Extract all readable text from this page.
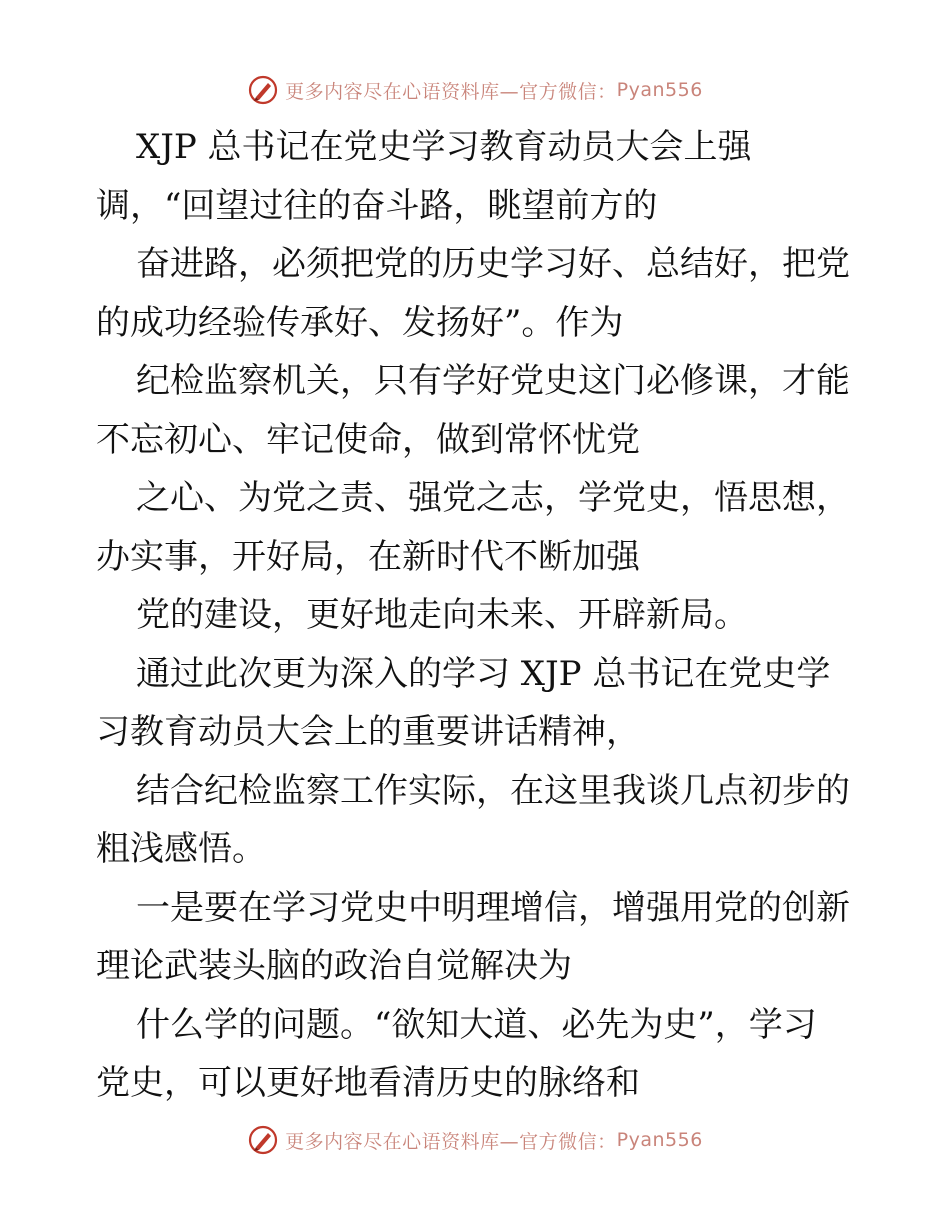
更多内容尽在心语资料库—官方微信： Pyan556
XJP 总书记在党史学习教育动员大会上强
调，“回望过往的奋斗路，眺望前方的
奋进路，必须把党的历史学习好、总结好，把党
的成功经验传承好、发扬好”。作为
纪检监察机关，只有学好党史这门必修课，才能
不忘初心、牢记使命，做到常怀忧党
之心、为党之责、强党之志，学党史，悟思想，
办实事，开好局，在新时代不断加强
党的建设，更好地走向未来、开辟新局。
通过此次更为深入的学习 XJP 总书记在党史学
习教育动员大会上的重要讲话精神，
结合纪检监察工作实际，在这里我谈几点初步的
粗浅感悟。
一是要在学习党史中明理增信，增强用党的创新
理论武装头脑的政治自觉解决为
什么学的问题。“欲知大道、必先为史”，学习
党史，可以更好地看清历史的脉络和
更多内容尽在心语资料库—官方微信： Pyan556
